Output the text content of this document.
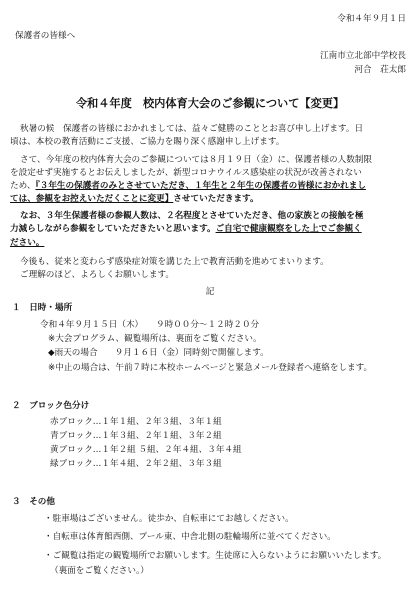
令和４年９月１日
保護者の皆様へ
江南市立北部中学校長
河合　荘太郎
令和４年度　校内体育大会のご参観について【変更】
秋暑の候　保護者の皆様におかれましては、益々ご健勝のこととお喜び申し上げます。日
頃は、本校の教育活動にご支援、ご協力を賜り深く感謝申し上げます。
さて、今年度の校内体育大会のご参観については８月１９日（金）に、保護者様の人数制限
を設定せず実施するとお伝えしましたが、新型コロナウイルス感染症の状況が改善されない
ため、『３年生の保護者のみとさせていただき、１年生と２年生の保護者の皆様におかれまし
ては、参観をお控えいただくことに変更】させていただきます。
なお、３年生保護者様の参観人数は、２名程度とさせていただき、他の家族との接触を極
力減らしながら参観をしていただきたいと思います。ご自宅で健康観察をした上でご参観く
ださい。
今後も、従来と変わらず感染症対策を講じた上で教育活動を進めてまいります。
ご理解のほど、よろしくお願いします。
記
１　日時・場所
令和４年９月１５日（木）　　９時００分～１２時２０分
※大会プログラム、観覧場所は、裏面をご覧ください。
◆雨天の場合　　９月１６日（金）同時刻で開催します。
※中止の場合は、午前７時に本校ホームページと緊急メール登録者へ連絡をします。
２　ブロック色分け
赤ブロック…１年１組、２年３組、３年１組
青ブロック…１年３組、２年１組、３年２組
黄ブロック…１年２組 ５組、２年４組、３年４組
緑ブロック…１年４組、２年２組、３年３組
３　その他
・駐車場はございません。徒歩か、自転車にてお越しください。
・自転車は体育館西側、プール東、中舎北側の駐輪場所に並べてください。
・ご観覧は指定の観覧場所でお願いします。生徒席に入らないようにお願いいたします。
（裏面をご覧ください。）
